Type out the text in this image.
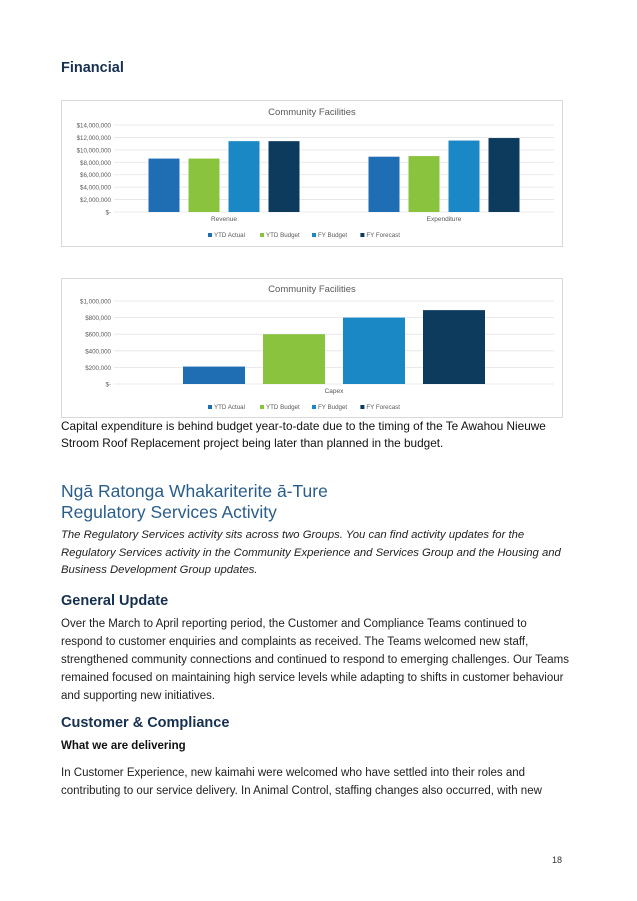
Financial
Community Facilities
$14,000,000
$12,000,000
$10,000,000
$8,000,000
$6,000,000
$4,000,000
$2,000,000
$-
Revenue	Expenditure
YTD Actual	YTD Budget	FY Budget	FY Forecast
Community Facilities
$1,000,000
$800,000
$600,000
$400,000
$200,000
$-
Capex
YTD Actual	YTD Budget	FY Budget	FY Forecast

Capital expenditure is behind budget year-to-date due to the timing of the Te Awahou Nieuwe Stroom Roof Replacement project being later than planned in the budget.

Ngā Ratonga Whakariterite ā-Ture
Regulatory Services Activity

The Regulatory Services activity sits across two Groups. You can find activity updates for the Regulatory Services activity in the Community Experience and Services Group and the Housing and Business Development Group updates.

General Update

Over the March to April reporting period, the Customer and Compliance Teams continued to respond to customer enquiries and complaints as received. The Teams welcomed new staff, strengthened community connections and continued to respond to emerging challenges. Our Teams remained focused on maintaining high service levels while adapting to shifts in customer behaviour and supporting new initiatives.

Customer & Compliance
What we are delivering

In Customer Experience, new kaimahi were welcomed who have settled into their roles and contributing to our service delivery. In Animal Control, staffing changes also occurred, with new

18
